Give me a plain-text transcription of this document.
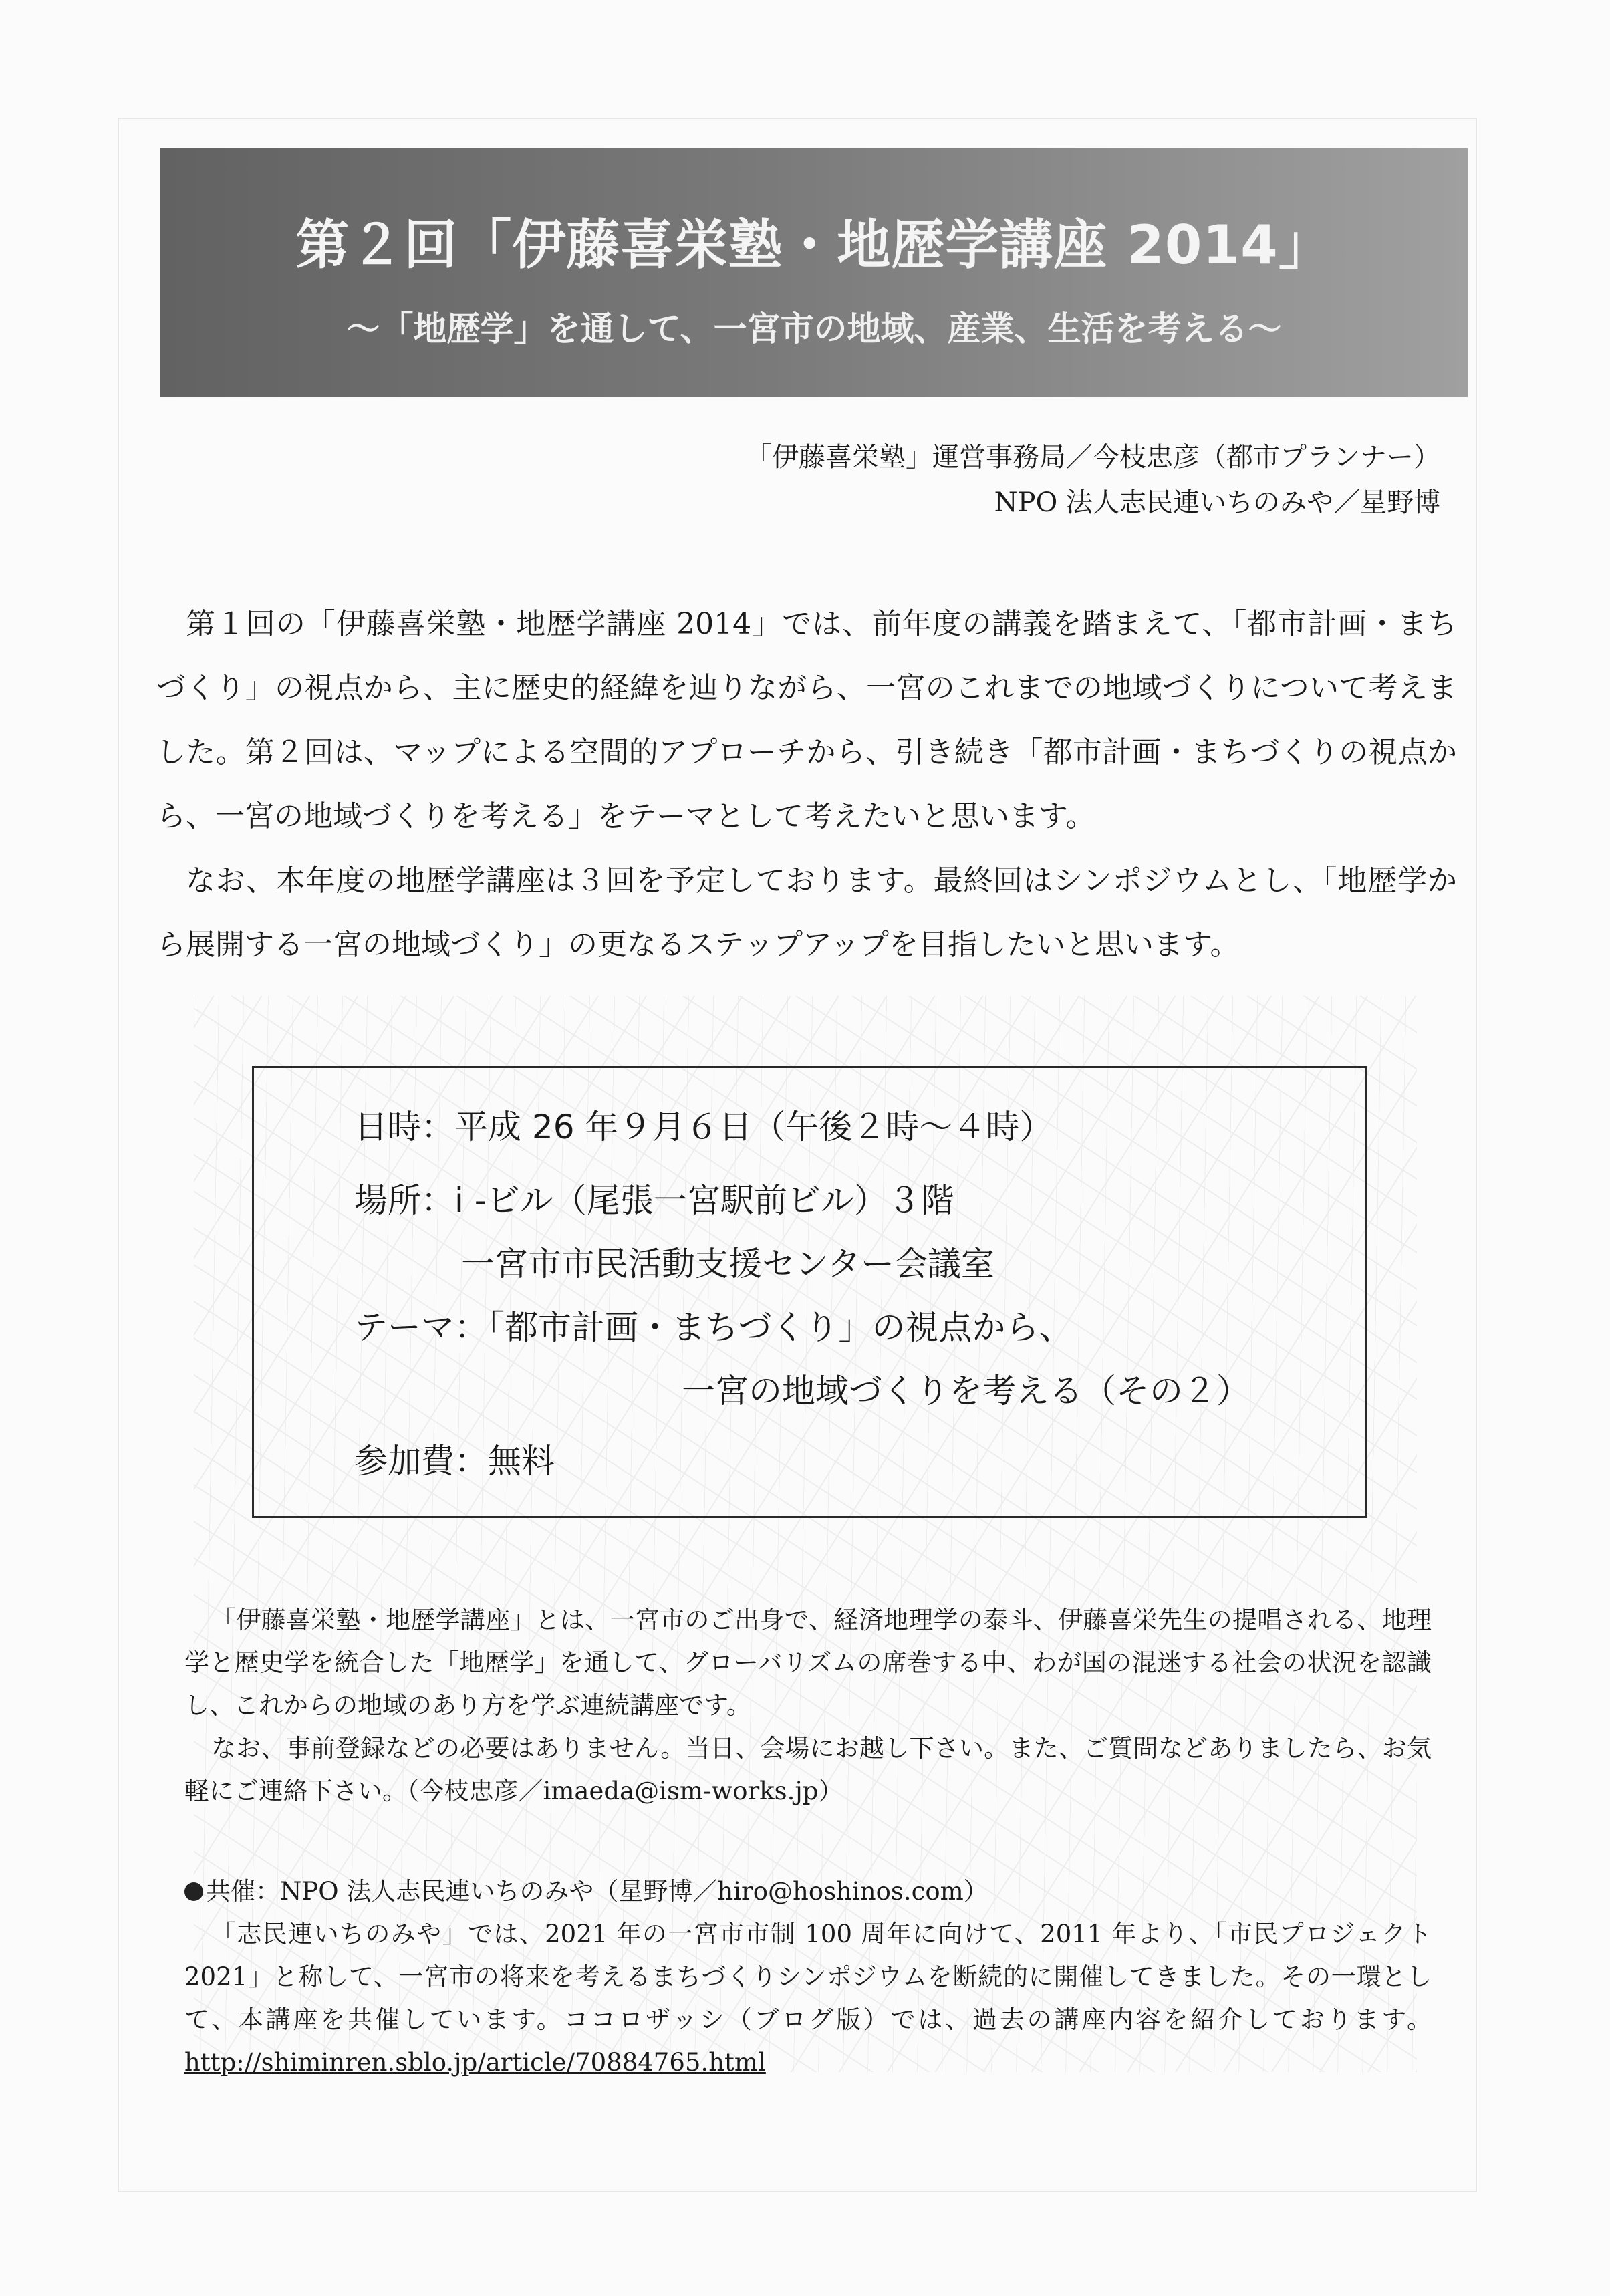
第２回「伊藤喜栄塾・地歴学講座 2014」
～「地歴学」を通して、一宮市の地域、産業、生活を考える～
「伊藤喜栄塾」運営事務局／今枝忠彦（都市プランナー）
NPO 法人志民連いちのみや／星野博

第１回の「伊藤喜栄塾・地歴学講座 2014」では、前年度の講義を踏まえて、「都市計画・まちづくり」の視点から、主に歴史的経緯を辿りながら、一宮のこれまでの地域づくりについて考えました。第２回は、マップによる空間的アプローチから、引き続き「都市計画・まちづくりの視点から、一宮の地域づくりを考える」をテーマとして考えたいと思います。

なお、本年度の地歴学講座は３回を予定しております。最終回はシンポジウムとし、「地歴学から展開する一宮の地域づくり」の更なるステップアップを目指したいと思います。

日時：平成 26 年９月６日（午後２時～４時）
場所：i -ビル（尾張一宮駅前ビル）３階
一宮市市民活動支援センター会議室
テーマ：「都市計画・まちづくり」の視点から、
一宮の地域づくりを考える（その２）
参加費：無料

「伊藤喜栄塾・地歴学講座」とは、一宮市のご出身で、経済地理学の泰斗、伊藤喜栄先生の提唱される、地理学と歴史学を統合した「地歴学」を通して、グローバリズムの席巻する中、わが国の混迷する社会の状況を認識し、これからの地域のあり方を学ぶ連続講座です。

なお、事前登録などの必要はありません。当日、会場にお越し下さい。また、ご質問などありましたら、お気軽にご連絡下さい。（今枝忠彦／imaeda@ism-works.jp）

共催：NPO 法人志民連いちのみや（星野博／hiro@hoshinos.com）

「志民連いちのみや」では、2021 年の一宮市市制 100 周年に向けて、2011 年より、「市民プロジェクト 2021」と称して、一宮市の将来を考えるまちづくりシンポジウムを断続的に開催してきました。その一環として、本講座を共催しています。ココロザッシ（ブログ版）では、過去の講座内容を紹介しております。 http://shiminren.sblo.jp/article/70884765.html
